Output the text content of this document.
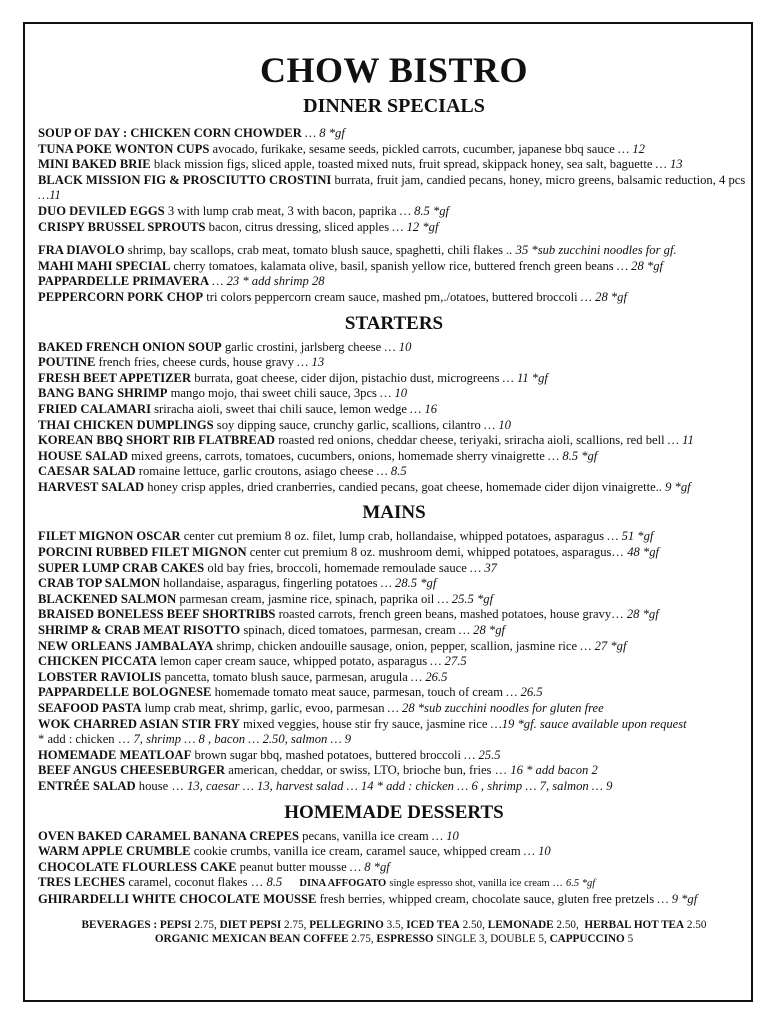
CHOW BISTRO
DINNER SPECIALS
SOUP OF DAY : CHICKEN CORN CHOWDER … 8 *gf
TUNA POKE WONTON CUPS avocado, furikake, sesame seeds, pickled carrots, cucumber, japanese bbq sauce … 12
MINI BAKED BRIE black mission figs, sliced apple, toasted mixed nuts, fruit spread, skippack honey, sea salt, baguette … 13
BLACK MISSION FIG & PROSCIUTTO CROSTINI burrata, fruit jam, candied pecans, honey, micro greens, balsamic reduction, 4 pcs …11
DUO DEVILED EGGS 3 with lump crab meat, 3 with bacon, paprika … 8.5 *gf
CRISPY BRUSSEL SPROUTS bacon, citrus dressing, sliced apples … 12 *gf
FRA DIAVOLO shrimp, bay scallops, crab meat, tomato blush sauce, spaghetti, chili flakes .. 35 *sub zucchini noodles for gf.
MAHI MAHI SPECIAL cherry tomatoes, kalamata olive, basil, spanish yellow rice, buttered french green beans … 28 *gf
PAPPARDELLE PRIMAVERA … 23 * add shrimp 28
PEPPERCORN PORK CHOP tri colors peppercorn cream sauce, mashed pm,./otatoes, buttered broccoli … 28 *gf
STARTERS
BAKED FRENCH ONION SOUP garlic crostini, jarlsberg cheese … 10
POUTINE french fries, cheese curds, house gravy … 13
FRESH BEET APPETIZER burrata, goat cheese, cider dijon, pistachio dust, microgreens … 11 *gf
BANG BANG SHRIMP mango mojo, thai sweet chili sauce, 3pcs … 10
FRIED CALAMARI sriracha aioli, sweet thai chili sauce, lemon wedge … 16
THAI CHICKEN DUMPLINGS soy dipping sauce, crunchy garlic, scallions, cilantro … 10
KOREAN BBQ SHORT RIB FLATBREAD roasted red onions, cheddar cheese, teriyaki, sriracha aioli, scallions, red bell … 11
HOUSE SALAD mixed greens, carrots, tomatoes, cucumbers, onions, homemade sherry vinaigrette … 8.5 *gf
CAESAR SALAD romaine lettuce, garlic croutons, asiago cheese … 8.5
HARVEST SALAD honey crisp apples, dried cranberries, candied pecans, goat cheese, homemade cider dijon vinaigrette.. 9 *gf
MAINS
FILET MIGNON OSCAR center cut premium 8 oz. filet, lump crab, hollandaise, whipped potatoes, asparagus … 51 *gf
PORCINI RUBBED FILET MIGNON center cut premium 8 oz. mushroom demi, whipped potatoes, asparagus… 48 *gf
SUPER LUMP CRAB CAKES old bay fries, broccoli, homemade remoulade sauce … 37
CRAB TOP SALMON hollandaise, asparagus, fingerling potatoes … 28.5 *gf
BLACKENED SALMON parmesan cream, jasmine rice, spinach, paprika oil … 25.5 *gf
BRAISED BONELESS BEEF SHORTRIBS roasted carrots, french green beans, mashed potatoes, house gravy… 28 *gf
SHRIMP & CRAB MEAT RISOTTO spinach, diced tomatoes, parmesan, cream … 28 *gf
NEW ORLEANS JAMBALAYA shrimp, chicken andouille sausage, onion, pepper, scallion, jasmine rice … 27 *gf
CHICKEN PICCATA lemon caper cream sauce, whipped potato, asparagus … 27.5
LOBSTER RAVIOLIS pancetta, tomato blush sauce, parmesan, arugula … 26.5
PAPPARDELLE BOLOGNESE homemade tomato meat sauce, parmesan, touch of cream … 26.5
SEAFOOD PASTA lump crab meat, shrimp, garlic, evoo, parmesan … 28 *sub zucchini noodles for gluten free
WOK CHARRED ASIAN STIR FRY mixed veggies, house stir fry sauce, jasmine rice …19 *gf. sauce available upon request
* add : chicken … 7, shrimp … 8 , bacon … 2.50, salmon … 9
HOMEMADE MEATLOAF brown sugar bbq, mashed potatoes, buttered broccoli … 25.5
BEEF ANGUS CHEESEBURGER american, cheddar, or swiss, LTO, brioche bun, fries … 16 * add bacon 2
ENTRÉE SALAD house … 13, caesar … 13, harvest salad … 14 * add : chicken … 6 , shrimp … 7, salmon … 9
HOMEMADE DESSERTS
OVEN BAKED CARAMEL BANANA CREPES pecans, vanilla ice cream … 10
WARM APPLE CRUMBLE cookie crumbs, vanilla ice cream, caramel sauce, whipped cream … 10
CHOCOLATE FLOURLESS CAKE peanut butter mousse … 8 *gf
TRES LECHES caramel, coconut flakes … 8.5 DINA AFFOGATO single espresso shot, vanilla ice cream … 6.5 *gf
GHIRARDELLI WHITE CHOCOLATE MOUSSE fresh berries, whipped cream, chocolate sauce, gluten free pretzels … 9 *gf
BEVERAGES : PEPSI 2.75, DIET PEPSI 2.75, PELLEGRINO 3.5, ICED TEA 2.50, LEMONADE 2.50,  HERBAL HOT TEA 2.50
ORGANIC MEXICAN BEAN COFFEE 2.75, ESPRESSO SINGLE 3, DOUBLE 5, CAPPUCCINO 5
